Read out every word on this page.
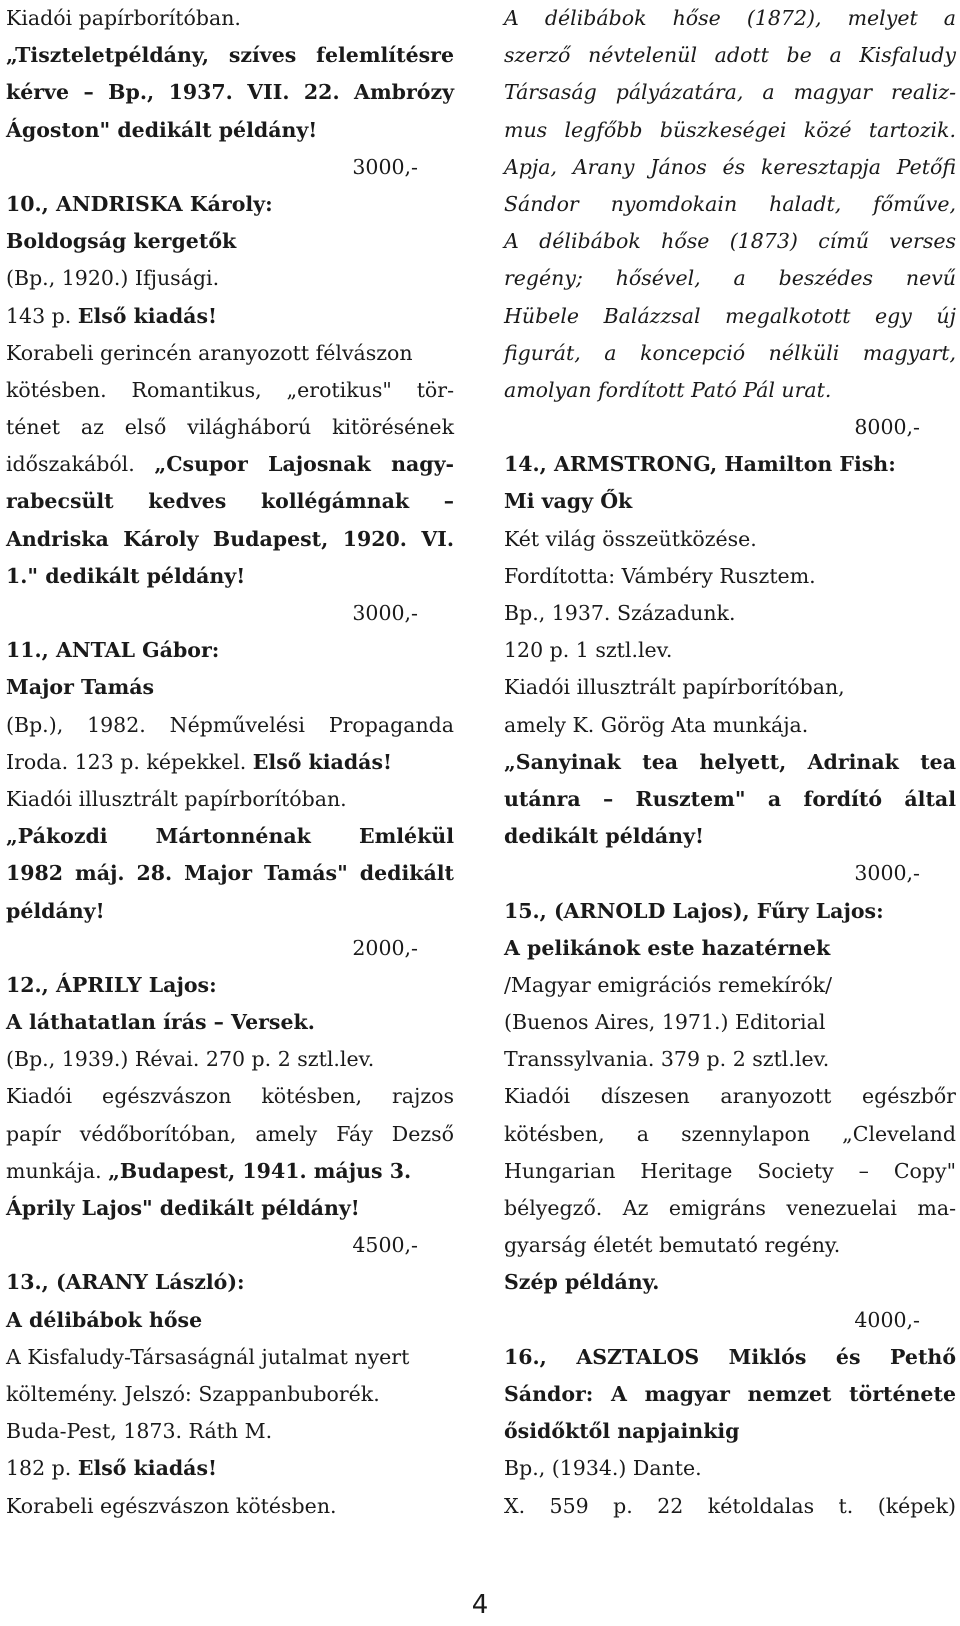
Kiadói papírborítóban.
„Tiszteletpéldány, szíves felemlítésre
kérve – Bp., 1937. VII. 22. Ambrózy
Ágoston" dedikált példány!
3000,-
10., ANDRISKA Károly:
Boldogság kergetők
(Bp., 1920.) Ifjusági.
143 p. Első kiadás!
Korabeli gerincén aranyozott félvászon
kötésben. Romantikus, „erotikus" tör-
ténet az első világháború kitörésének
időszakából. „Csupor Lajosnak nagy-
rabecsült kedves kollégámnak –
Andriska Károly Budapest, 1920. VI.
1." dedikált példány!
3000,-
11., ANTAL Gábor:
Major Tamás
(Bp.), 1982. Népművelési Propaganda
Iroda. 123 p. képekkel. Első kiadás!
Kiadói illusztrált papírborítóban.
„Pákozdi Mártonnénak Emlékül
1982 máj. 28. Major Tamás" dedikált
példány!
2000,-
12., ÁPRILY Lajos:
A láthatatlan írás – Versek.
(Bp., 1939.) Révai. 270 p. 2 sztl.lev.
Kiadói egészvászon kötésben, rajzos
papír védőborítóban, amely Fáy Dezső
munkája. „Budapest, 1941. május 3.
Áprily Lajos" dedikált példány!
4500,-
13., (ARANY László):
A délibábok hőse
A Kisfaludy-Társaságnál jutalmat nyert
költemény. Jelszó: Szappanbuborék.
Buda-Pest, 1873. Ráth M.
182 p. Első kiadás!
Korabeli egészvászon kötésben.
A délibábok hőse (1872), melyet a
szerző névtelenül adott be a Kisfaludy
Társaság pályázatára, a magyar realiz-
mus legfőbb büszkeségei közé tartozik.
Apja, Arany János és keresztapja Petőfi
Sándor nyomdokain haladt, főműve,
A délibábok hőse (1873) című verses
regény; hősével, a beszédes nevű
Hübele Balázzsal megalkotott egy új
figurát, a koncepció nélküli magyart,
amolyan fordított Pató Pál urat.
8000,-
14., ARMSTRONG, Hamilton Fish:
Mi vagy Ők
Két világ összeütközése.
Fordította: Vámbéry Rusztem.
Bp., 1937. Századunk.
120 p. 1 sztl.lev.
Kiadói illusztrált papírborítóban,
amely K. Görög Ata munkája.
„Sanyinak tea helyett, Adrinak tea
utánra – Rusztem" a fordító által
dedikált példány!
3000,-
15., (ARNOLD Lajos), Fűry Lajos:
A pelikánok este hazatérnek
/Magyar emigrációs remekírók/
(Buenos Aires, 1971.) Editorial
Transsylvania. 379 p. 2 sztl.lev.
Kiadói díszesen aranyozott egészbőr
kötésben, a szennylapon „Cleveland
Hungarian Heritage Society – Copy"
bélyegző. Az emigráns venezuelai ma-
gyarság életét bemutató regény.
Szép példány.
4000,-
16., ASZTALOS Miklós és Pethő
Sándor: A magyar nemzet története
ősidőktől napjainkig
Bp., (1934.) Dante.
X. 559 p. 22 kétoldalas t. (képek)
4
